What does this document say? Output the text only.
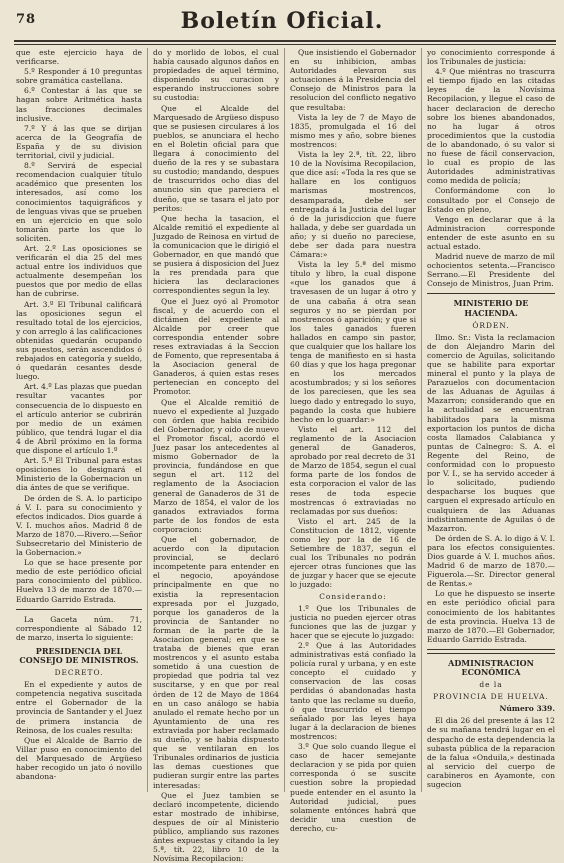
78	Boletín Oficial.

que este ejercicio haya de verificarse.

5.º Responder á 10 preguntas sobre gramática castellana.

6.º Contestar á las que se hagan sobre Aritmética hasta las fracciones decimales inclusive.

7.º Y á las que se dirijan acerca de la Geografía de España y de su division territorial, civil y judicial.

8.º Servirá de especial recomendacion cualquier título académico que presenten los interesados, así como los conocimientos taquigráficos y de lenguas vivas que se prueben en un ejercicio en que solo tomarán parte los que lo soliciten.

Art. 2.º Las oposiciones se verificarán el dia 25 del mes actual entre los individuos que actualmente desempeñan los puestos que por medio de ellas han de cubrirse.

Art. 3.º El Tribunal calificará las oposiciones segun el resultado total de los ejercicios, y con arreglo á las calificaciones obtenidas quedarán ocupando sus puestos, serán ascendidos ó rebajados en categoría y sueldo, ó quedarán cesantes desde luego.

Art. 4.º Las plazas que puedan resultar vacantes por consecuencia de lo dispuesto en el artículo anterior se cubrirán por medio de un exámen público, que tendrá lugar el dia 4 de Abril próximo en la forma que dispone el artículo 1.º

Art. 5.º El Tribunal para estas oposiciones lo designará el Ministerio de la Gobernacion un dia ántes de que se verifique.

De órden de S. A. lo participo á V. I. para su conocimiento y efectos indicados. Dios guarde á V. I. muchos años. Madrid 8 de Marzo de 1870.—Rivero.—Señor Subsecretario del Ministerio de la Gobernacion.»

Lo que se hace presente por medio de este periódico oficial para conocimiento del público. Huelva 13 de marzo de 1870.—Eduardo Garrido Estrada.

La Gaceta núm. 71, correspondiente al Sábado 12 de marzo, inserta lo siguiente:

PRESIDENCIA DEL CONSEJO DE MINISTROS.

DECRETO.

En el expediente y autos de competencia negativa suscitada entre el Gobernador de la provincia de Santander y el Juez de primera instancia de Reinosa, de los cuales resulta:

Que el Alcalde de Barrio de Villar puso en conocimiento del del Marquesado de Argüeso haber recogido un jato ó novillo abandona-

do y morlido de lobos, el cual había causado algunos daños en propiedades de aquel término, disponiendo su curacion y esperando instrucciones sobre su custodia:

Que el Alcalde del Marquesado de Argüeso dispuso que se pusiesen circulares á los pueblos, se anunciara el hecho en el Boletin oficial para que llegara á conocimiento del dueño de la res y se subastara su custodio; mandando, despues de trascurridos ocho dias del anuncio sin que pareciera el dueño, que se tasara el jato por peritos:

Que hecha la tasacion, el Alcalde remitió el expediente al Juzgado de Reinosa en virtud de la comunicacion que le dirigió el Gobernador, en que mandó que se pusiera á disposicion del Juez la res prendada para que hiciera las declaraciones correspondientes segun la ley.

Que el Juez oyó al Promotor fiscal, y de acuerdo con el dictámen del expediente al Alcalde por creer que correspondia entender sobre reses extraviadas á la Seccion de Fomento, que representaba á la Asociacion general de Ganaderos, á quien estas reses pertenecian en concepto del Promotor.

Que el Alcalde remitió de nuevo el expediente al Juzgado con órden que habia recibido del Gobernador, y oido de nuevo el Promotor fiscal, acordó el Juez pasar los antecedentes al mismo Gobernador de la provincia, fundándose en que segun el art. 112 del reglamento de la Asociacion general de Ganaderos de 31 de Marzo de 1854, el valor de los ganados extraviados forma parte de los fondos de esta corporacion:

Que el gobernador, de acuerdo con la diputacion provincial, se declaró incompetente para entender en el negocio, apoyándose principalmente en que no existia la representacion expresada por el Juzgado, porque los ganaderos de la provincia de Santander no forman de la parte de la Asociacion general; en que se trataba de bienes que eran mostrencos y el asunto estaba sometido á una cuestion de propiedad que podria tal vez suscitarse, y en que por real órden de 12 de Mayo de 1864 en un caso análogo se habia anulado el remate hecho por un Ayuntamiento de una res extraviada por haber reclamado su dueño, y se habia dispuesto que se ventilaran en los Tribunales ordinarios de justicia las demas cuestiones que pudieran surgir entre las partes interesadas:

Que el Juez tambien se declaró incompetente, diciendo estar mostrado de inhibirse, despues de oír al Ministerio público, ampliando sus razones ántes expuestas y citando la ley 5.ª, tít. 22, libro 10 de la Novísima Recopilacion:

Que insistiendo el Gobernador en su inhibicion, ambas Autoridades elevaron sus actuaciones á la Presidencia del Consejo de Ministros para la resolucion del conflicto negativo que resultaba:

Vista la ley de 7 de Mayo de 1835, promulgada el 16 del mismo mes y año, sobre bienes mostrencos:

Vista la ley 2.ª, tít. 22, libro 10 de la Novísima Recopilacion, que dice así: «Toda la res que se hallare en los contiguos marismas mostrencos, desamparada, debe ser entregada á la Justicia del lugar ó de la jurisdiccion que fuere hallada, y debe ser guardada un año; y si dueño no pareciese, debe ser dada para nuestra Cámara:»

Vista la ley 5.ª del mismo título y libro, la cual dispone «que los ganados que á travesasen de un lugar á otro y de una cabaña á otra sean seguros y no se pierdan por mostrencos ó aparición; y que si los tales ganados fueren hallados en campo sin pastor, que cualquier que los hallare los tenga de manifiesto en si hasta 60 dias y que los haga pregonar en los mercados acostumbrados; y si los señores de los pareciesen, que les sea luego dado y entregado lo suyo, pagando la costa que hubiere hecho en lo guardar:»

Visto el art. 112 del reglamento de la Asociacion general de Ganaderos, aprobado por real decreto de 31 de Marzo de 1854, segun el cual forma parte de los fondos de esta corporacion el valor de las reses de toda especie mostrencas ó extraviadas no reclamadas por sus dueños:

Visto el art. 245 de la Constitucion de 1812, vigente como ley por la de 16 de Setiembre de 1837, segun el cual los Tribunales no podrán ejercer otras funciones que las de juzgar y hacer que se ejecute lo juzgado:

Considerando:

1.º Que los Tribunales de justicia no pueden ejercer otras funciones que las de juzgar y hacer que se ejecute lo juzgado:

2.º Que á las Autoridades administrativas está confiado la policía rural y urbana, y en este concepto el cuidado y conservacion de las cosas perdidas ó abandonadas hasta tanto que las reclame su dueño, ó que trascurrido el tiempo señalado por las leyes haya lugar á la declaracion de bienes mostrencos:

3.º Que solo cuando llegue el caso de hacer semejante declaracion y se pida por quien corresponda ó se suscite cuestion sobre la propiedad puede entender en el asunto la Autoridad judicial, pues solamente entónces habrá que decidir una cuestion de derecho, cu-

yo conocimiento corresponde á los Tribunales de justicia:

4.º Que miéntras no trascurra el tiempo fijado en las citadas leyes de la Novísima Recopilacion, y llegue el caso de hacer declaracion de derecho sobre los bienes abandonados, no ha lugar á otros procedimientos que la custodia de lo abandonado, ó su valor si no fuese de fácil conservacion, lo cual es propio de las Autoridades administrativas como medida de policía;

Conformándome con lo consultado por el Consejo de Estado en pleno,

Vengo en declarar que á la Administracion corresponde entender de este asunto en su actual estado.

Madrid nueve de marzo de mil ochocientos setenta.—Francisco Serrano.—El Presidente del Consejo de Ministros, Juan Prim.

MINISTERIO DE HACIENDA.

ÓRDEN.

Ilmo. Sr.: Vista la reclamacion de don Alejandro Marin del comercio de Aguilas, solicitando que se habilite para exportar mineral el punto y la playa de Parazuelos con documentacion de las Aduanas de Aguilas á Mazarron; considerando que en la actualidad se encuentran habilitados para la misma exportacion los puntos de dicha costa llamados Calabianca y puntas de Calnegro: S. A. el Regente del Reino, de conformidad con lo propuesto por V. I., se ha servido acceder á lo solicitado, pudiendo despacharse los buques que carguen el expresado artículo en cualquiera de las Aduanas indistintamente de Aguilas ó de Mazarron.

De órden de S. A. lo digo á V. I. para los efectos consiguientes. Dios guarde á V. I. muchos años. Madrid 6 de marzo de 1870.—Figuerola.—Sr. Director general de Rentas.»

Lo que he dispuesto se inserte en este periódico oficial para conocimiento de los habitantes de esta provincia. Huelva 13 de marzo de 1870.—El Gobernador, Eduardo Garrido Estrada.

ADMINISTRACION ECONÓMICA

de la

PROVINCIA DE HUELVA.

Número 339.

El dia 26 del presente á las 12 de su mañana tendrá lugar en el despacho de esta dependencia la subasta pública de la reparacion de la falua «Onduila,» destinada al servicio del cuerpo de carabineros en Ayamonte, con sugecion
